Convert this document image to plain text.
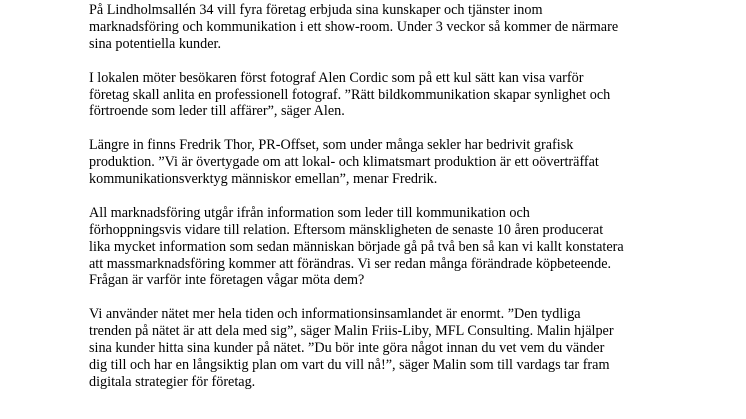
På Lindholmsallén 34 vill fyra företag erbjuda sina kunskaper och tjänster inom
marknadsföring och kommunikation i ett show-room. Under 3 veckor så kommer de närmare
sina potentiella kunder.
I lokalen möter besökaren först fotograf Alen Cordic som på ett kul sätt kan visa varför
företag skall anlita en professionell fotograf. ”Rätt bildkommunikation skapar synlighet och
förtroende som leder till affärer”, säger Alen.
Längre in finns Fredrik Thor, PR-Offset, som under många sekler har bedrivit grafisk
produktion. ”Vi är övertygade om att lokal- och klimatsmart produktion är ett oöverträffat
kommunikationsverktyg människor emellan”, menar Fredrik.
All marknadsföring utgår ifrån information som leder till kommunikation och
förhoppningsvis vidare till relation. Eftersom mänskligheten de senaste 10 åren producerat
lika mycket information som sedan människan började gå på två ben så kan vi kallt konstatera
att massmarknadsföring kommer att förändras. Vi ser redan många förändrade köpbeteende.
Frågan är varför inte företagen vågar möta dem?
Vi använder nätet mer hela tiden och informationsinsamlandet är enormt. ”Den tydliga
trenden på nätet är att dela med sig”, säger Malin Friis-Liby, MFL Consulting. Malin hjälper
sina kunder hitta sina kunder på nätet. ”Du bör inte göra något innan du vet vem du vänder
dig till och har en långsiktig plan om vart du vill nå!”, säger Malin som till vardags tar fram
digitala strategier för företag.
